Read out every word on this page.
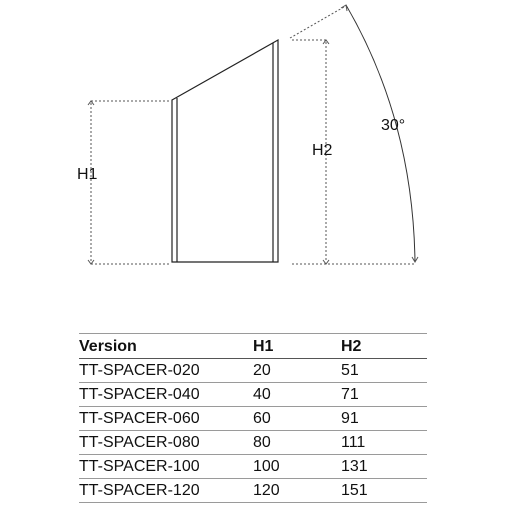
H1
H2
30°
Version	H1	H2
TT-SPACER-020	20	51
TT-SPACER-040	40	71
TT-SPACER-060	60	91
TT-SPACER-080	80	111
TT-SPACER-100	100	131
TT-SPACER-120	120	151
